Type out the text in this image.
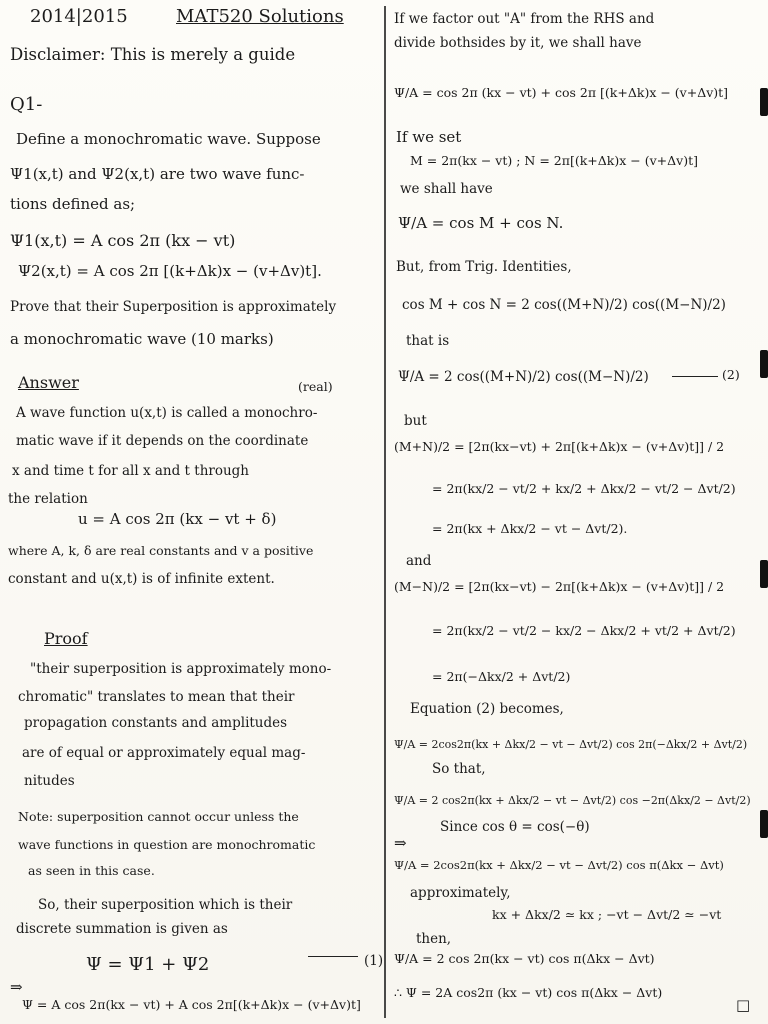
2014|2015	MAT520 Solutions
Disclaimer: This is merely a guide
Q1-
Define a monochromatic wave. Suppose
Ψ1(x,t) and Ψ2(x,t) are two wave func-
tions defined as;
Ψ1(x,t) = A cos 2π (kx − vt)
Ψ2(x,t) = A cos 2π [(k+Δk)x − (v+Δv)t].
Prove that their Superposition is approximately
a monochromatic wave (10 marks)
Answer	(real)
A wave function u(x,t) is called a monochro-
matic wave if it depends on the coordinate
x and time t for all x and t through
the relation
u = A cos 2π (kx − vt + δ)
where A, k, δ are real constants and v a positive
constant and u(x,t) is of infinite extent.
Proof
"their superposition is approximately mono-
chromatic" translates to mean that their
propagation constants and amplitudes
are of equal or approximately equal mag-
nitudes
Note: superposition cannot occur unless the
wave functions in question are monochromatic
as seen in this case.
So, their superposition which is their
discrete summation is given as
Ψ = Ψ1 + Ψ2	(1)
⇒
Ψ = A cos 2π(kx − vt) + A cos 2π[(k+Δk)x − (v+Δv)t]
If we factor out "A" from the RHS and
divide bothsides by it, we shall have
Ψ/A = cos 2π (kx − vt) + cos 2π [(k+Δk)x − (v+Δv)t]
If we set
M = 2π(kx − vt) ; N = 2π[(k+Δk)x − (v+Δv)t]
we shall have
Ψ/A = cos M + cos N.
But, from Trig. Identities,
cos M + cos N = 2 cos((M+N)/2) cos((M−N)/2)
that is
Ψ/A = 2 cos((M+N)/2) cos((M−N)/2)	(2)
but
(M+N)/2 = [2π(kx−vt) + 2π[(k+Δk)x − (v+Δv)t]] / 2
= 2π(kx/2 − vt/2 + kx/2 + Δkx/2 − vt/2 − Δvt/2)
= 2π(kx + Δkx/2 − vt − Δvt/2).
and
(M−N)/2 = [2π(kx−vt) − 2π[(k+Δk)x − (v+Δv)t]] / 2
= 2π(kx/2 − vt/2 − kx/2 − Δkx/2 + vt/2 + Δvt/2)
= 2π(−Δkx/2 + Δvt/2)
Equation (2) becomes,
Ψ/A = 2cos2π(kx + Δkx/2 − vt − Δvt/2) cos 2π(−Δkx/2 + Δvt/2)
So that,
Ψ/A = 2 cos2π(kx + Δkx/2 − vt − Δvt/2) cos −2π(Δkx/2 − Δvt/2)
Since cos θ = cos(−θ)
⇒
Ψ/A = 2cos2π(kx + Δkx/2 − vt − Δvt/2) cos π(Δkx − Δvt)
approximately,
kx + Δkx/2 ≃ kx ; −vt − Δvt/2 ≃ −vt
then,
Ψ/A = 2 cos 2π(kx − vt) cos π(Δkx − Δvt)
∴ Ψ = 2A cos2π (kx − vt) cos π(Δkx − Δvt)
□
